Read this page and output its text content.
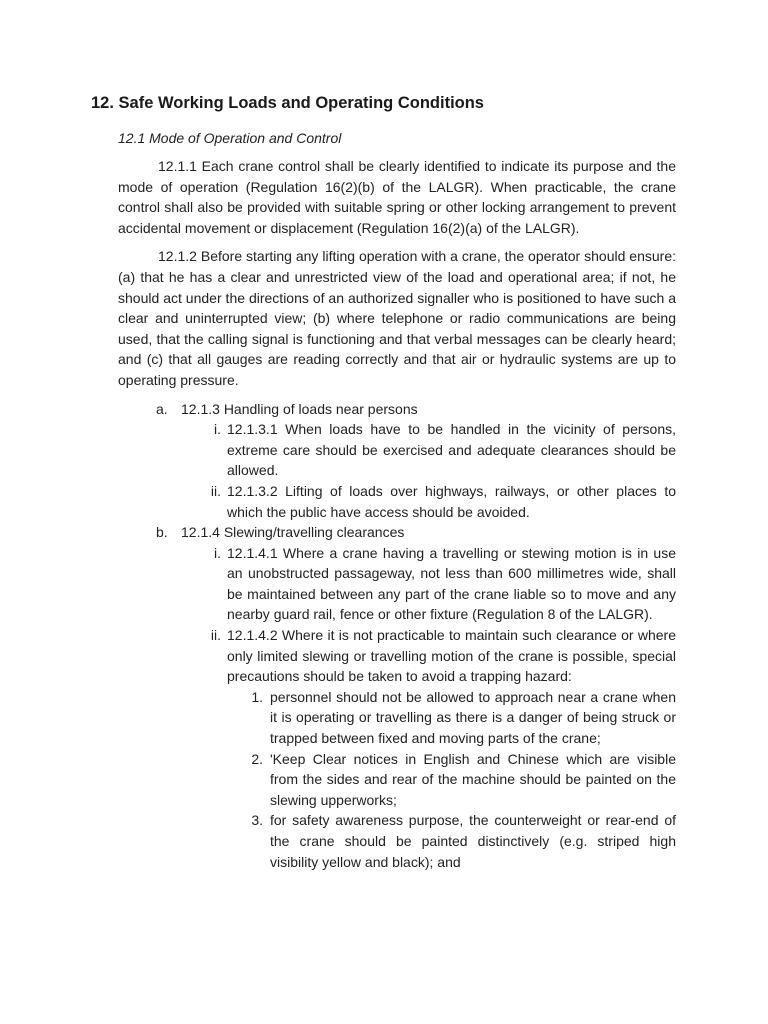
12. Safe Working Loads and Operating Conditions
12.1 Mode of Operation and Control

12.1.1 Each crane control shall be clearly identified to indicate its purpose and the mode of operation (Regulation 16(2)(b) of the LALGR). When practicable, the crane control shall also be provided with suitable spring or other locking arrangement to prevent accidental movement or displacement (Regulation 16(2)(a) of the LALGR).

12.1.2 Before starting any lifting operation with a crane, the operator should ensure: (a) that he has a clear and unrestricted view of the load and operational area; if not, he should act under the directions of an authorized signaller who is positioned to have such a clear and uninterrupted view; (b) where telephone or radio communications are being used, that the calling signal is functioning and that verbal messages can be clearly heard; and (c) that all gauges are reading correctly and that air or hydraulic systems are up to operating pressure.

a. 12.1.3 Handling of loads near persons
i. 12.1.3.1 When loads have to be handled in the vicinity of persons, extreme care should be exercised and adequate clearances should be allowed.
ii. 12.1.3.2 Lifting of loads over highways, railways, or other places to which the public have access should be avoided.
b. 12.1.4 Slewing/travelling clearances
i. 12.1.4.1 Where a crane having a travelling or stewing motion is in use an unobstructed passageway, not less than 600 millimetres wide, shall be maintained between any part of the crane liable so to move and any nearby guard rail, fence or other fixture (Regulation 8 of the LALGR).
ii. 12.1.4.2 Where it is not practicable to maintain such clearance or where only limited slewing or travelling motion of the crane is possible, special precautions should be taken to avoid a trapping hazard:
1. personnel should not be allowed to approach near a crane when it is operating or travelling as there is a danger of being struck or trapped between fixed and moving parts of the crane;
2. 'Keep Clear notices in English and Chinese which are visible from the sides and rear of the machine should be painted on the slewing upperworks;
3. for safety awareness purpose, the counterweight or rear-end of the crane should be painted distinctively (e.g. striped high visibility yellow and black); and
